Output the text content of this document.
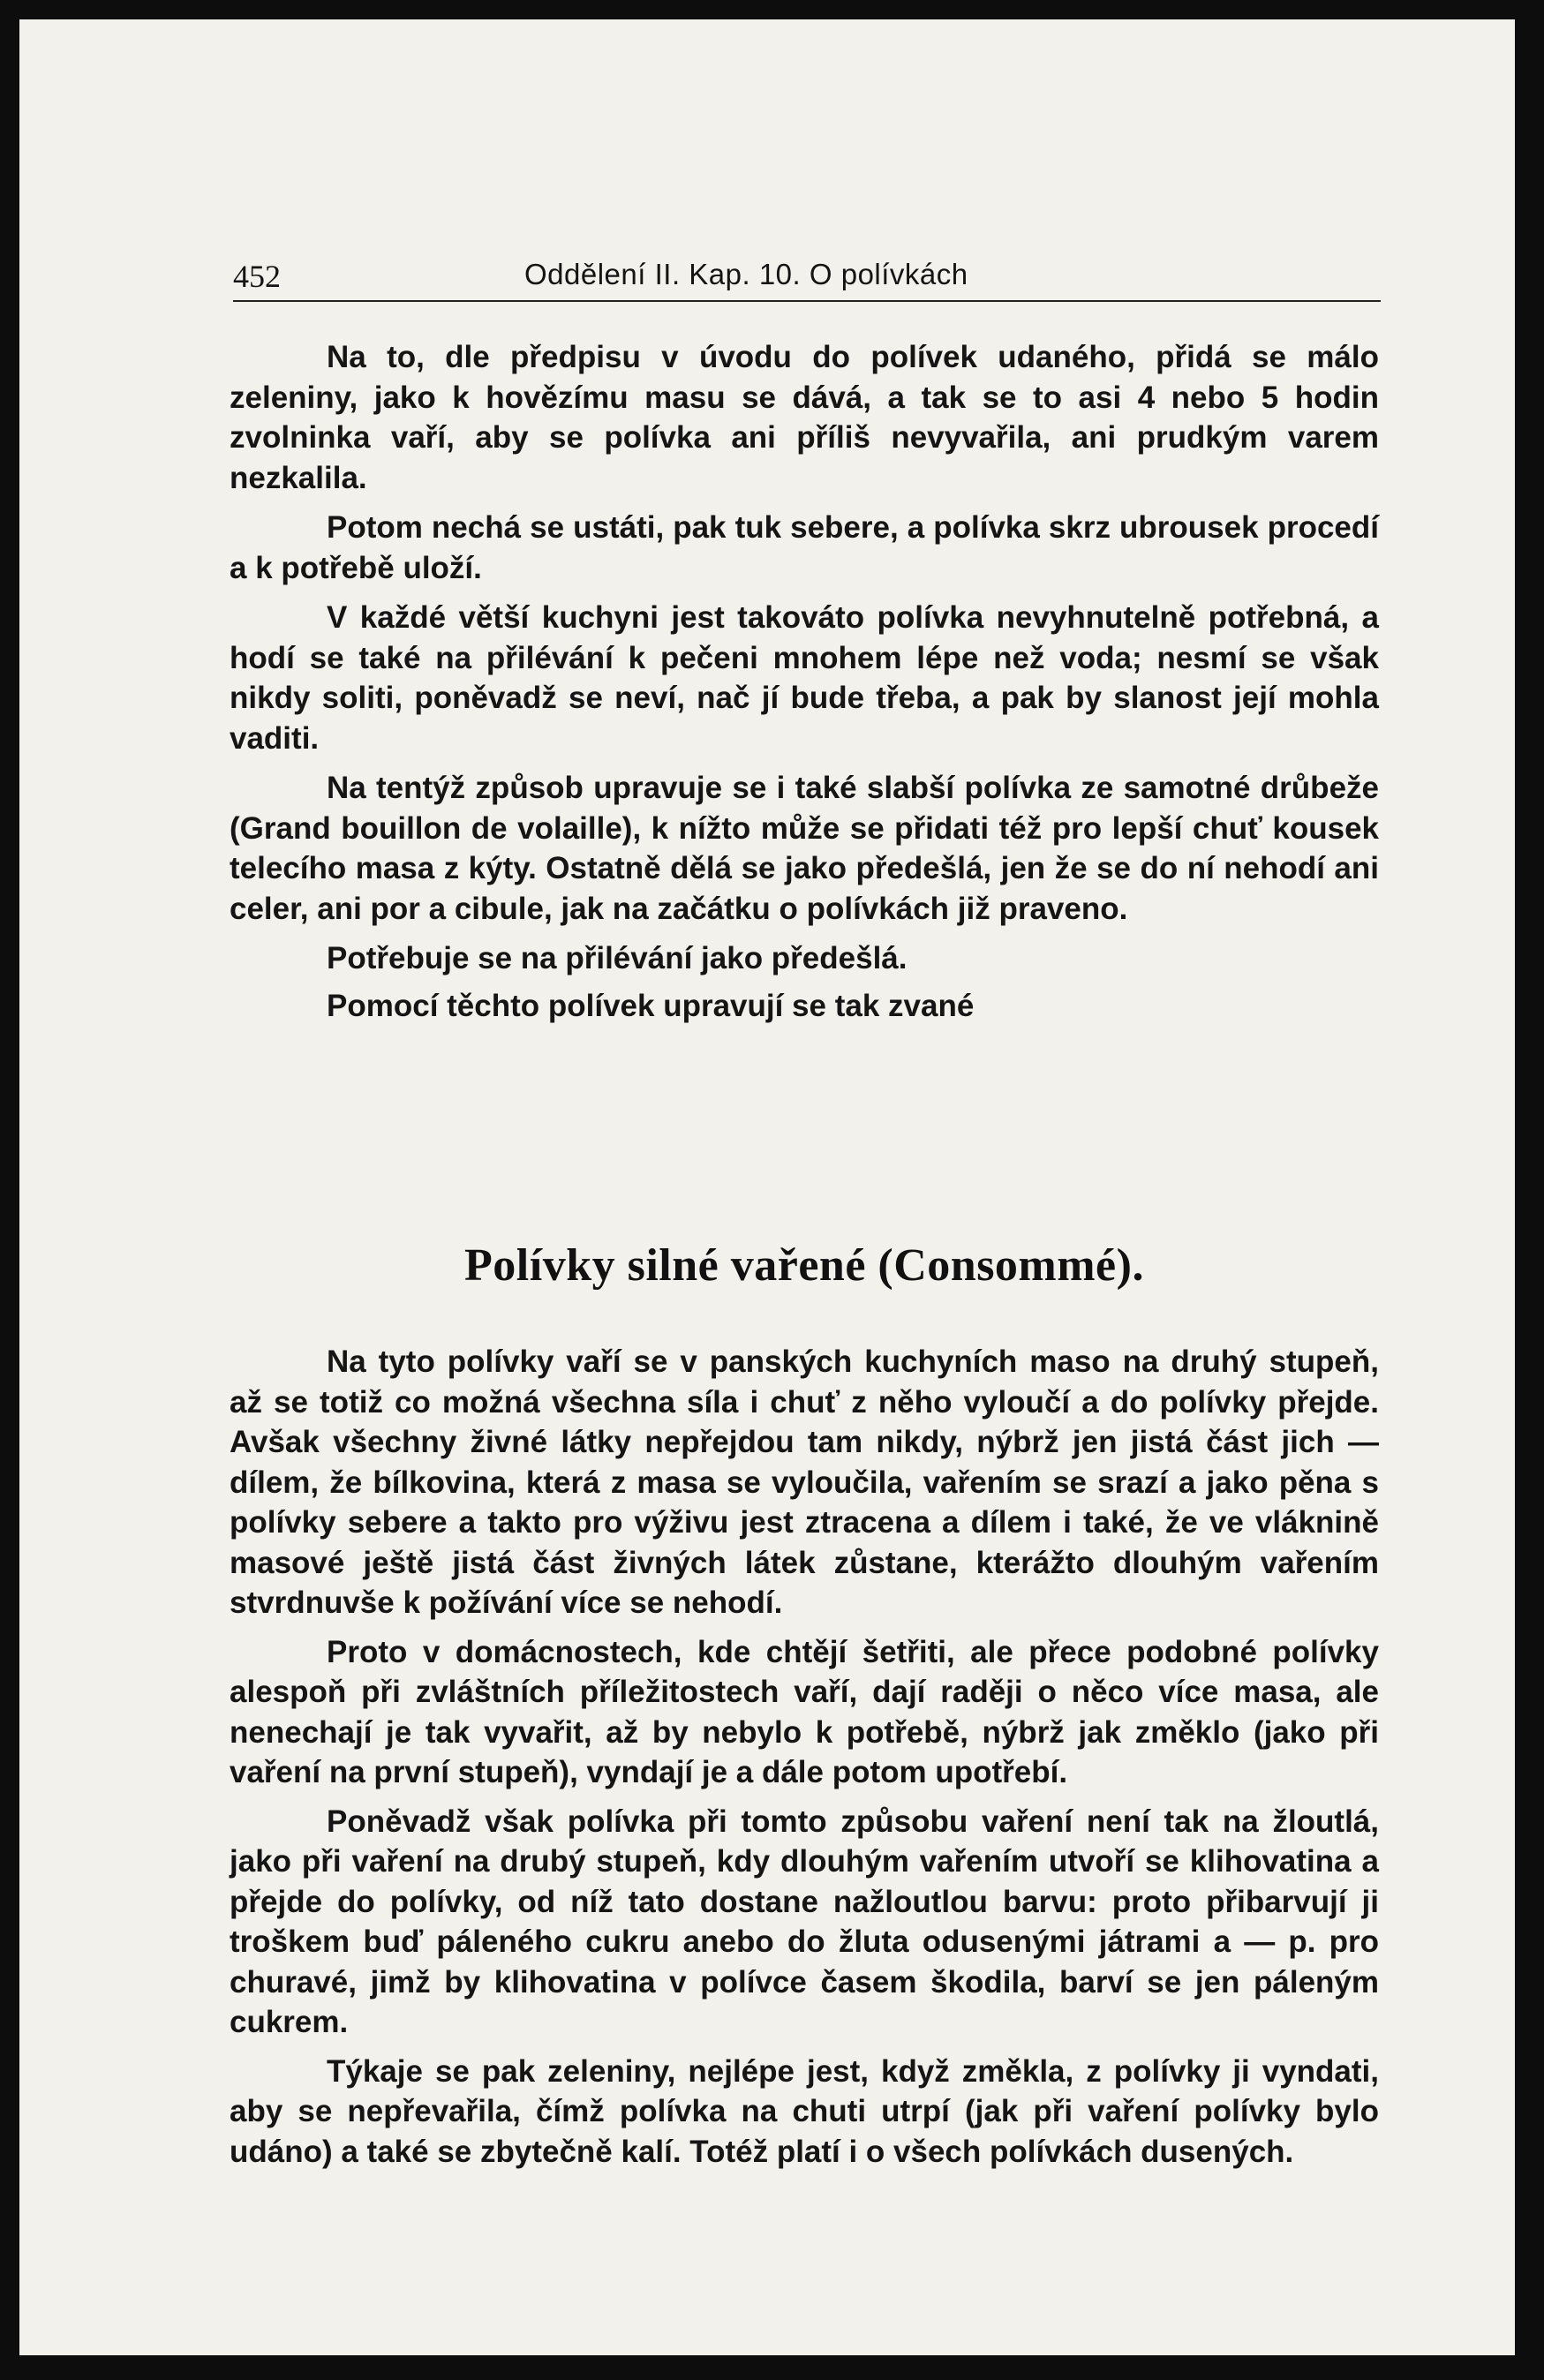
452	Oddělení II. Kap. 10. O polívkách

Na to, dle předpisu v úvodu do polívek udaného, přidá se málo zeleniny, jako k hovězímu masu se dává, a tak se to asi 4 nebo 5 hodin zvolninka vaří, aby se polívka ani příliš nevyvařila, ani prudkým varem nezkalila.

Potom nechá se ustáti, pak tuk sebere, a polívka skrz ubrousek procedí a k potřebě uloží.

V každé větší kuchyni jest takováto polívka nevyhnutelně potřebná, a hodí se také na přilévání k pečeni mnohem lépe než voda; nesmí se však nikdy soliti, poněvadž se neví, nač jí bude třeba, a pak by slanost její mohla vaditi.

Na tentýž způsob upravuje se i také slabší polívka ze samotné drůbeže (Grand bouillon de volaille), k nížto může se přidati též pro lepší chuť kousek telecího masa z kýty. Ostatně dělá se jako předešlá, jen že se do ní nehodí ani celer, ani por a cibule, jak na začátku o polívkách již praveno.

Potřebuje se na přilévání jako předešlá.

Pomocí těchto polívek upravují se tak zvané

Polívky silné vařené (Consommé).

Na tyto polívky vaří se v panských kuchyních maso na druhý stupeň, až se totiž co možná všechna síla i chuť z něho vyloučí a do polívky přejde. Avšak všechny živné látky nepřejdou tam nikdy, nýbrž jen jistá část jich — dílem, že bílkovina, která z masa se vyloučila, vařením se srazí a jako pěna s polívky sebere a takto pro výživu jest ztracena a dílem i také, že ve vláknině masové ještě jistá část živných látek zůstane, kterážto dlouhým vařením stvrdnuvše k požívání více se nehodí.

Proto v domácnostech, kde chtějí šetřiti, ale přece podobné polívky alespoň při zvláštních příležitostech vaří, dají raději o něco více masa, ale nenechají je tak vyvařit, až by nebylo k potřebě, nýbrž jak změklo (jako při vaření na první stupeň), vyndají je a dále potom upotřebí.

Poněvadž však polívka při tomto způsobu vaření není tak na žloutlá, jako při vaření na drubý stupeň, kdy dlouhým vařením utvoří se klihovatina a přejde do polívky, od níž tato dostane nažloutlou barvu: proto přibarvují ji troškem buď páleného cukru anebo do žluta odusenými játrami a — p. pro churavé, jimž by klihovatina v polívce časem škodila, barví se jen páleným cukrem.

Týkaje se pak zeleniny, nejlépe jest, když změkla, z polívky ji vyndati, aby se nepřevařila, čímž polívka na chuti utrpí (jak při vaření polívky bylo udáno) a také se zbytečně kalí. Totéž platí i o všech polívkách dusených.
